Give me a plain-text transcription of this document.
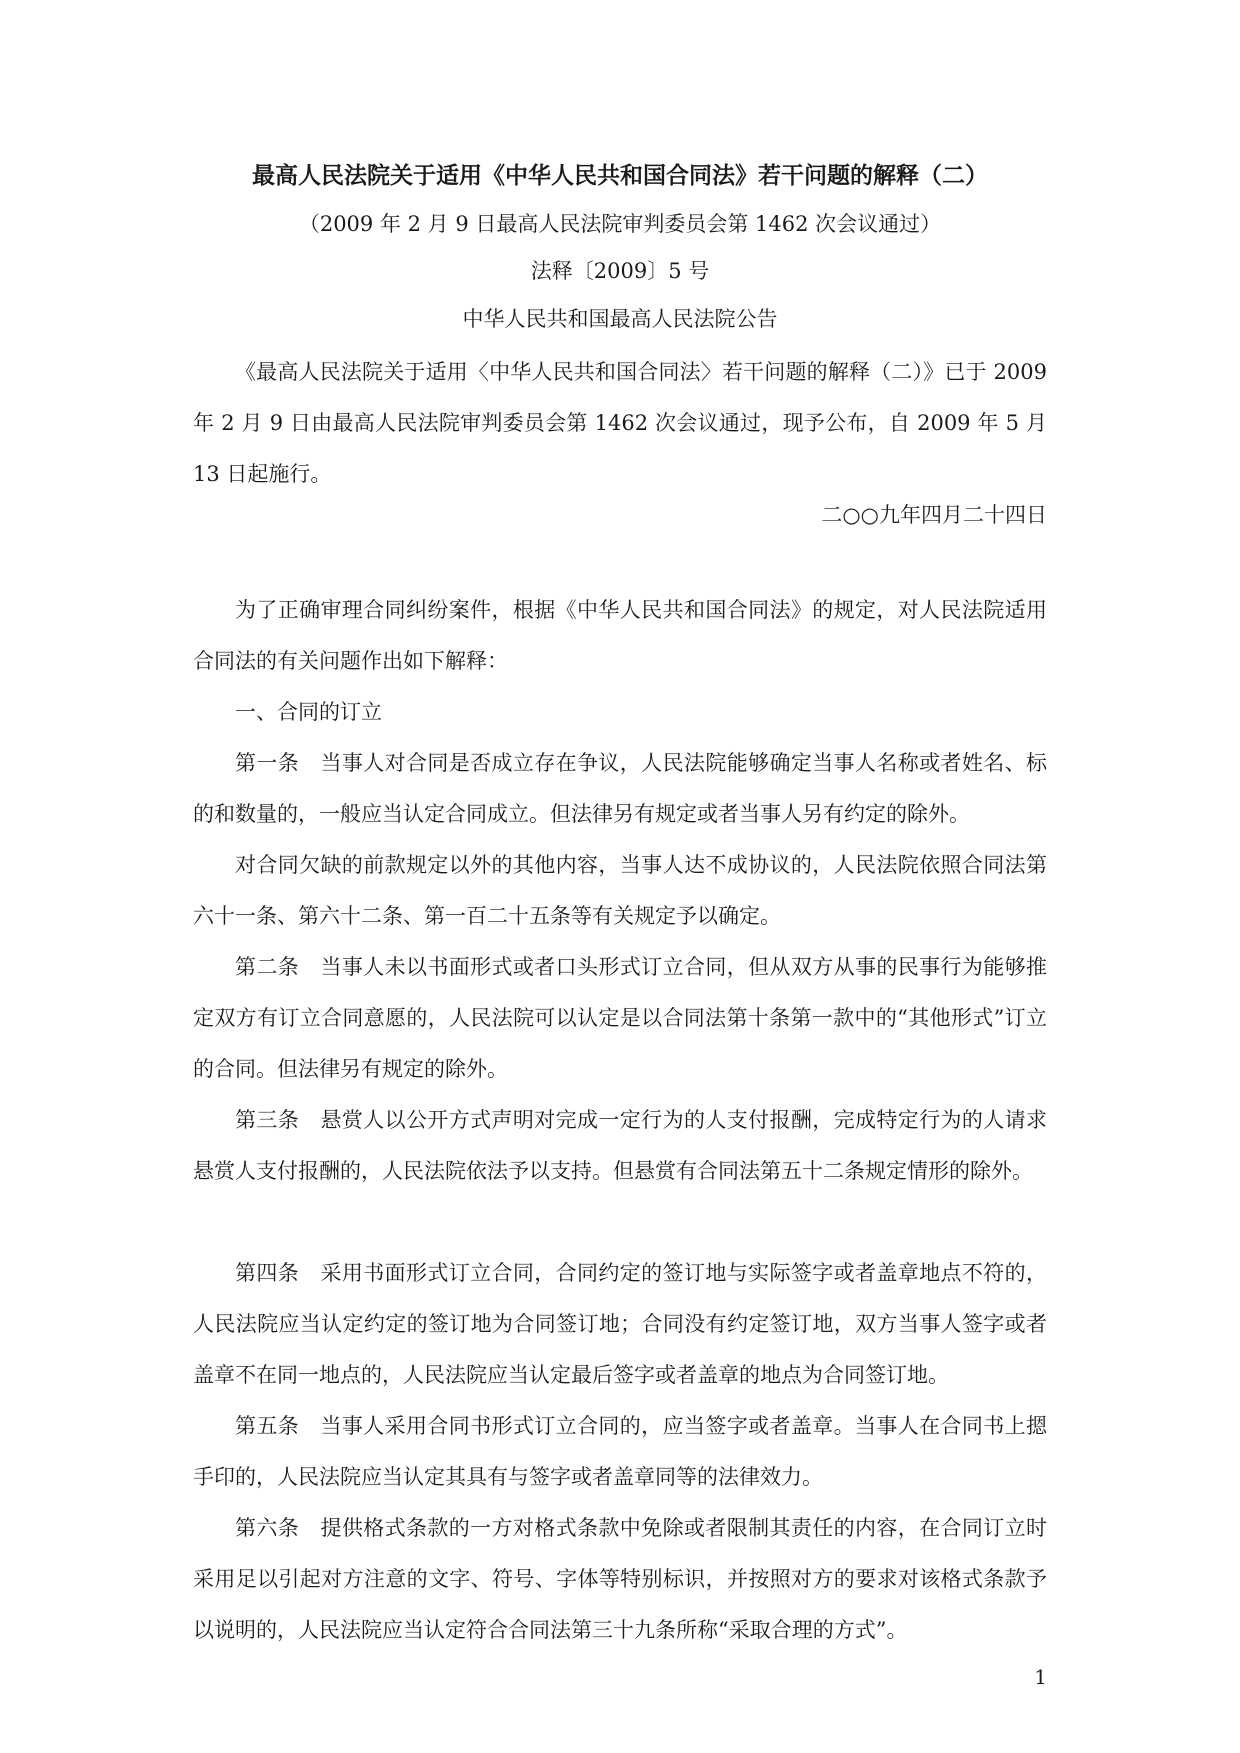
最高人民法院关于适用《中华人民共和国合同法》若干问题的解释（二）
（2009 年 2 月 9 日最高人民法院审判委员会第 1462 次会议通过）
法释〔2009〕5 号
中华人民共和国最高人民法院公告

《最高人民法院关于适用〈中华人民共和国合同法〉若干问题的解释（二）》已于 2009 年 2 月 9 日由最高人民法院审判委员会第 1462 次会议通过，现予公布，自 2009 年 5 月 13 日起施行。

二○○九年四月二十四日

为了正确审理合同纠纷案件，根据《中华人民共和国合同法》的规定，对人民法院适用合同法的有关问题作出如下解释：

一、合同的订立

第一条　当事人对合同是否成立存在争议，人民法院能够确定当事人名称或者姓名、标的和数量的，一般应当认定合同成立。但法律另有规定或者当事人另有约定的除外。

对合同欠缺的前款规定以外的其他内容，当事人达不成协议的，人民法院依照合同法第六十一条、第六十二条、第一百二十五条等有关规定予以确定。

第二条　当事人未以书面形式或者口头形式订立合同，但从双方从事的民事行为能够推定双方有订立合同意愿的，人民法院可以认定是以合同法第十条第一款中的“其他形式”订立的合同。但法律另有规定的除外。

第三条　悬赏人以公开方式声明对完成一定行为的人支付报酬，完成特定行为的人请求悬赏人支付报酬的，人民法院依法予以支持。但悬赏有合同法第五十二条规定情形的除外。

第四条　采用书面形式订立合同，合同约定的签订地与实际签字或者盖章地点不符的，人民法院应当认定约定的签订地为合同签订地；合同没有约定签订地，双方当事人签字或者盖章不在同一地点的，人民法院应当认定最后签字或者盖章的地点为合同签订地。

第五条　当事人采用合同书形式订立合同的，应当签字或者盖章。当事人在合同书上摁手印的，人民法院应当认定其具有与签字或者盖章同等的法律效力。

第六条　提供格式条款的一方对格式条款中免除或者限制其责任的内容，在合同订立时采用足以引起对方注意的文字、符号、字体等特别标识，并按照对方的要求对该格式条款予以说明的，人民法院应当认定符合合同法第三十九条所称“采取合理的方式”。

1
